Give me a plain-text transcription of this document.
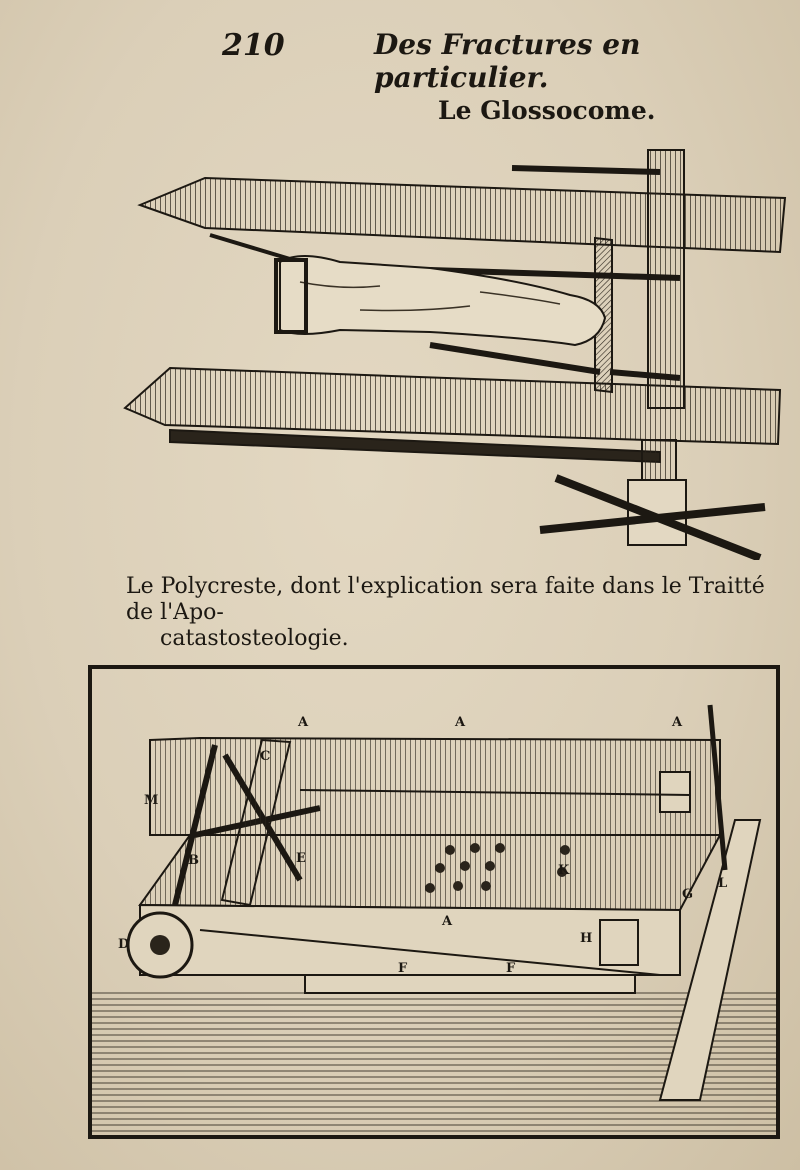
210	Des Fractures en particulier.
Le Glossocome.
Le Polycreste, dont l'explication sera faite dans le Traitté de l'Apo-
catastosteologie.
A	A	A
A
B
C
D
E
F	F
G
H
K
L
M
